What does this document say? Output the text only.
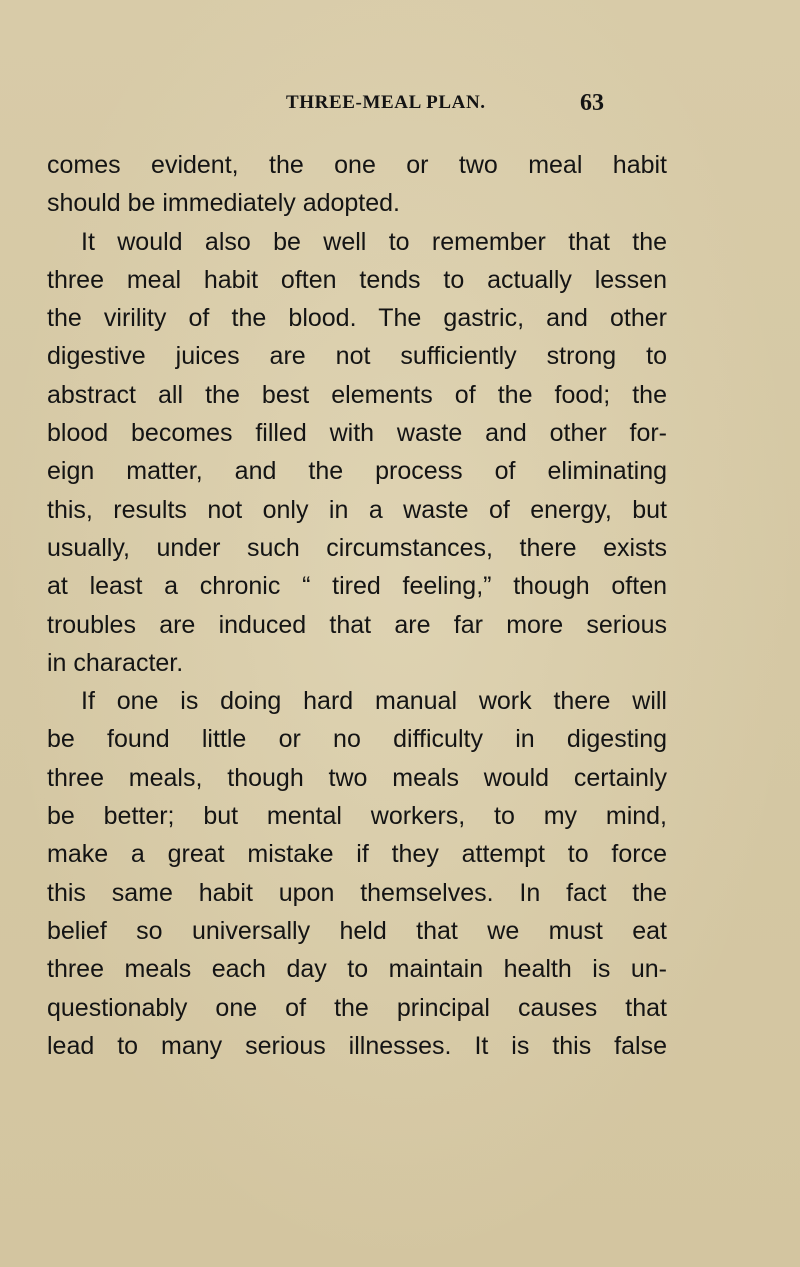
THREE-MEAL PLAN.	63
comes evident, the one or two meal habit
should be immediately adopted.
It would also be well to remember that the
three meal habit often tends to actually lessen
the virility of the blood. The gastric, and other
digestive juices are not sufficiently strong to
abstract all the best elements of the food; the
blood becomes filled with waste and other for-
eign matter, and the process of eliminating
this, results not only in a waste of energy, but
usually, under such circumstances, there exists
at least a chronic “ tired feeling,” though often
troubles are induced that are far more serious
in character.
If one is doing hard manual work there will
be found little or no difficulty in digesting
three meals, though two meals would certainly
be better; but mental workers, to my mind,
make a great mistake if they attempt to force
this same habit upon themselves. In fact the
belief so universally held that we must eat
three meals each day to maintain health is un-
questionably one of the principal causes that
lead to many serious illnesses. It is this false
